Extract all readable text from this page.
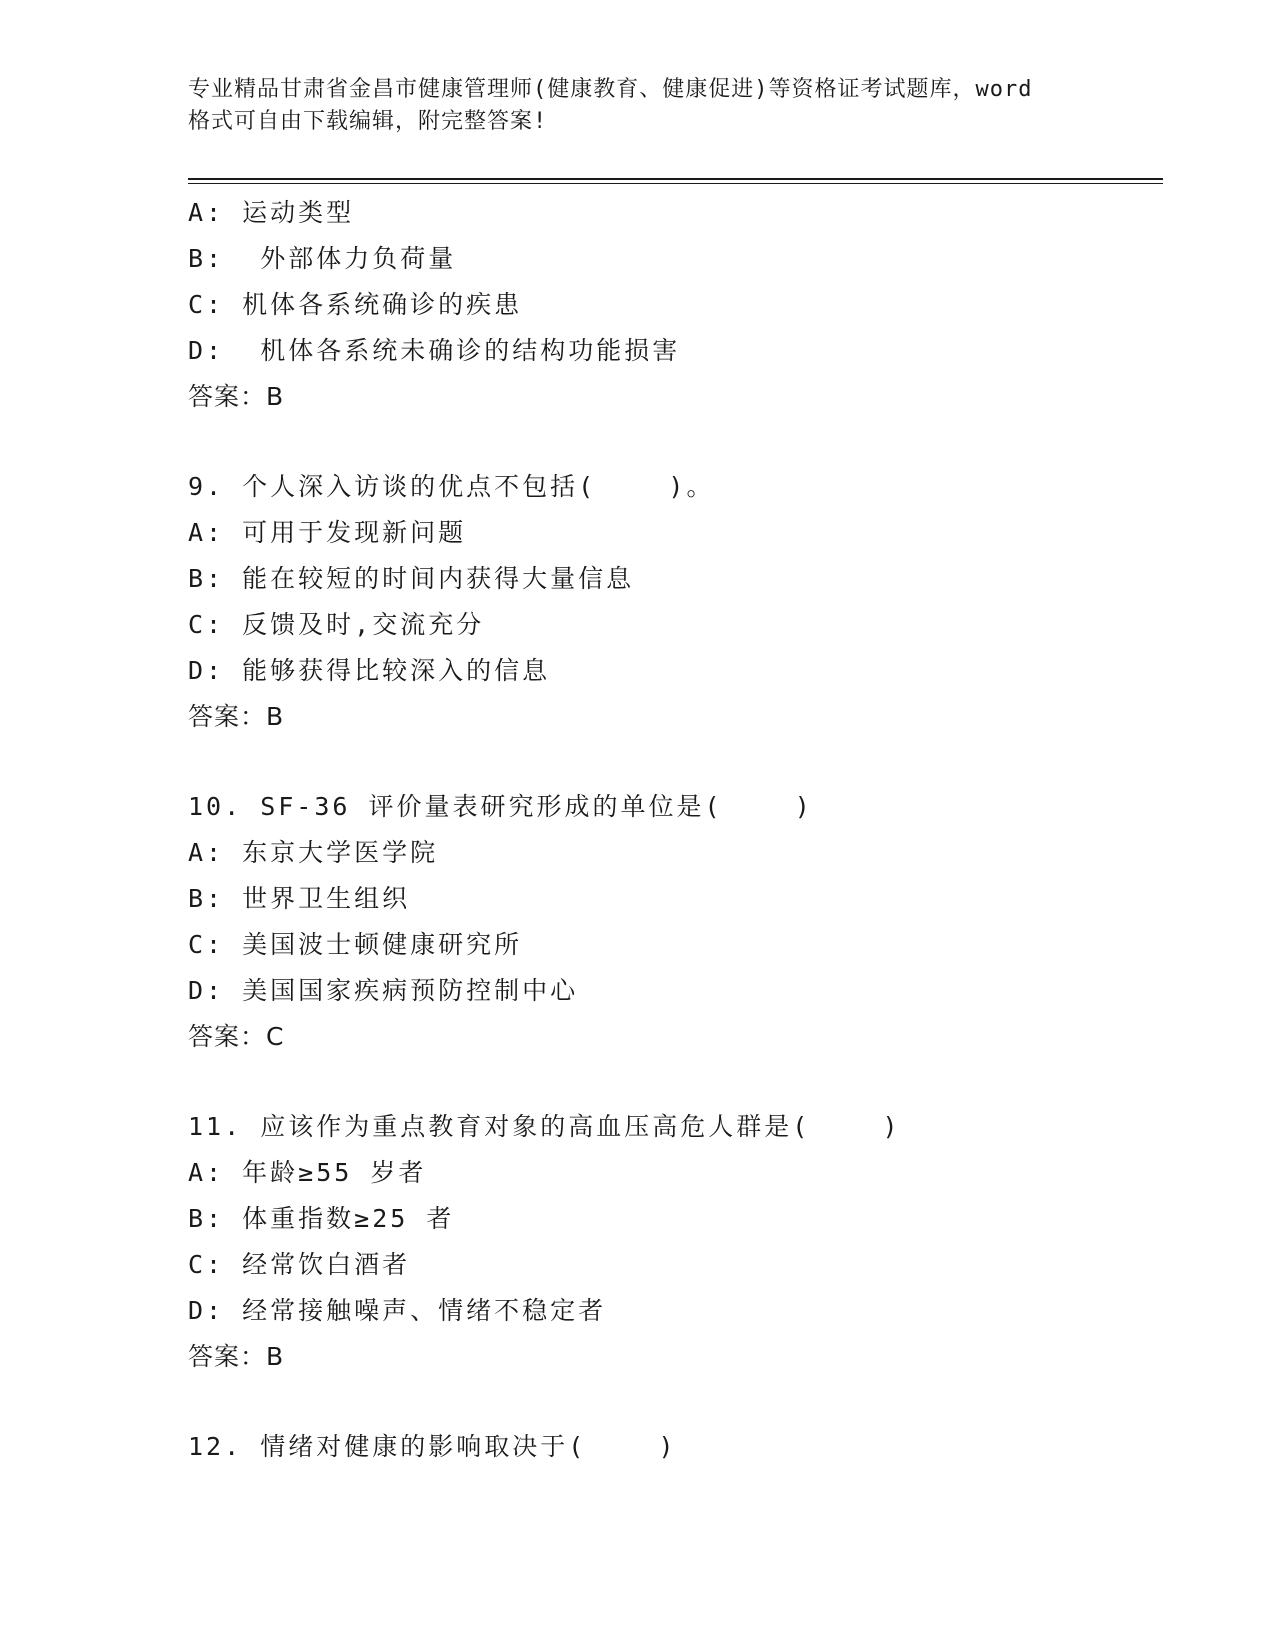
专业精品甘肃省金昌市健康管理师(健康教育、健康促进)等资格证考试题库，word
格式可自由下载编辑，附完整答案!
A: 运动类型
B:  外部体力负荷量
C: 机体各系统确诊的疾患
D:  机体各系统未确诊的结构功能损害
答案：B
9. 个人深入访谈的优点不包括(    )。
A: 可用于发现新问题
B: 能在较短的时间内获得大量信息
C: 反馈及时,交流充分
D: 能够获得比较深入的信息
答案：B
10. SF-36 评价量表研究形成的单位是(    )
A: 东京大学医学院
B: 世界卫生组织
C: 美国波士顿健康研究所
D: 美国国家疾病预防控制中心
答案：C
11. 应该作为重点教育对象的高血压高危人群是(    )
A: 年龄≥55 岁者
B: 体重指数≥25 者
C: 经常饮白酒者
D: 经常接触噪声、情绪不稳定者
答案：B
12. 情绪对健康的影响取决于(    )
